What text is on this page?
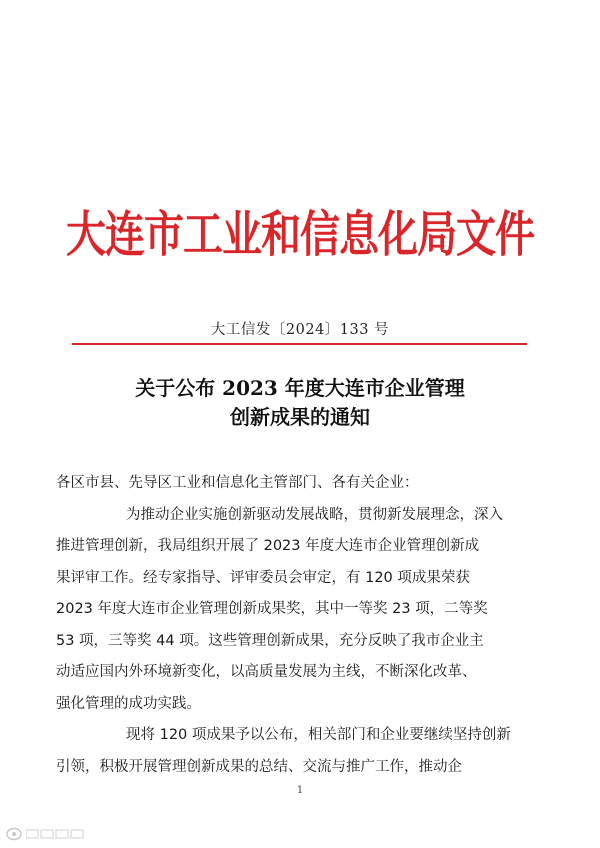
大连市工业和信息化局文件
大工信发〔2024〕133 号
关于公布 2023 年度大连市企业管理
创新成果的通知
各区市县、先导区工业和信息化主管部门、各有关企业：
为推动企业实施创新驱动发展战略，贯彻新发展理念，深入
推进管理创新，我局组织开展了 2023 年度大连市企业管理创新成
果评审工作。经专家指导、评审委员会审定，有 120 项成果荣获
2023 年度大连市企业管理创新成果奖，其中一等奖 23 项，二等奖
53 项，三等奖 44 项。这些管理创新成果，充分反映了我市企业主
动适应国内外环境新变化，以高质量发展为主线，不断深化改革、
强化管理的成功实践。
现将 120 项成果予以公布，相关部门和企业要继续坚持创新
引领，积极开展管理创新成果的总结、交流与推广工作，推动企
1
